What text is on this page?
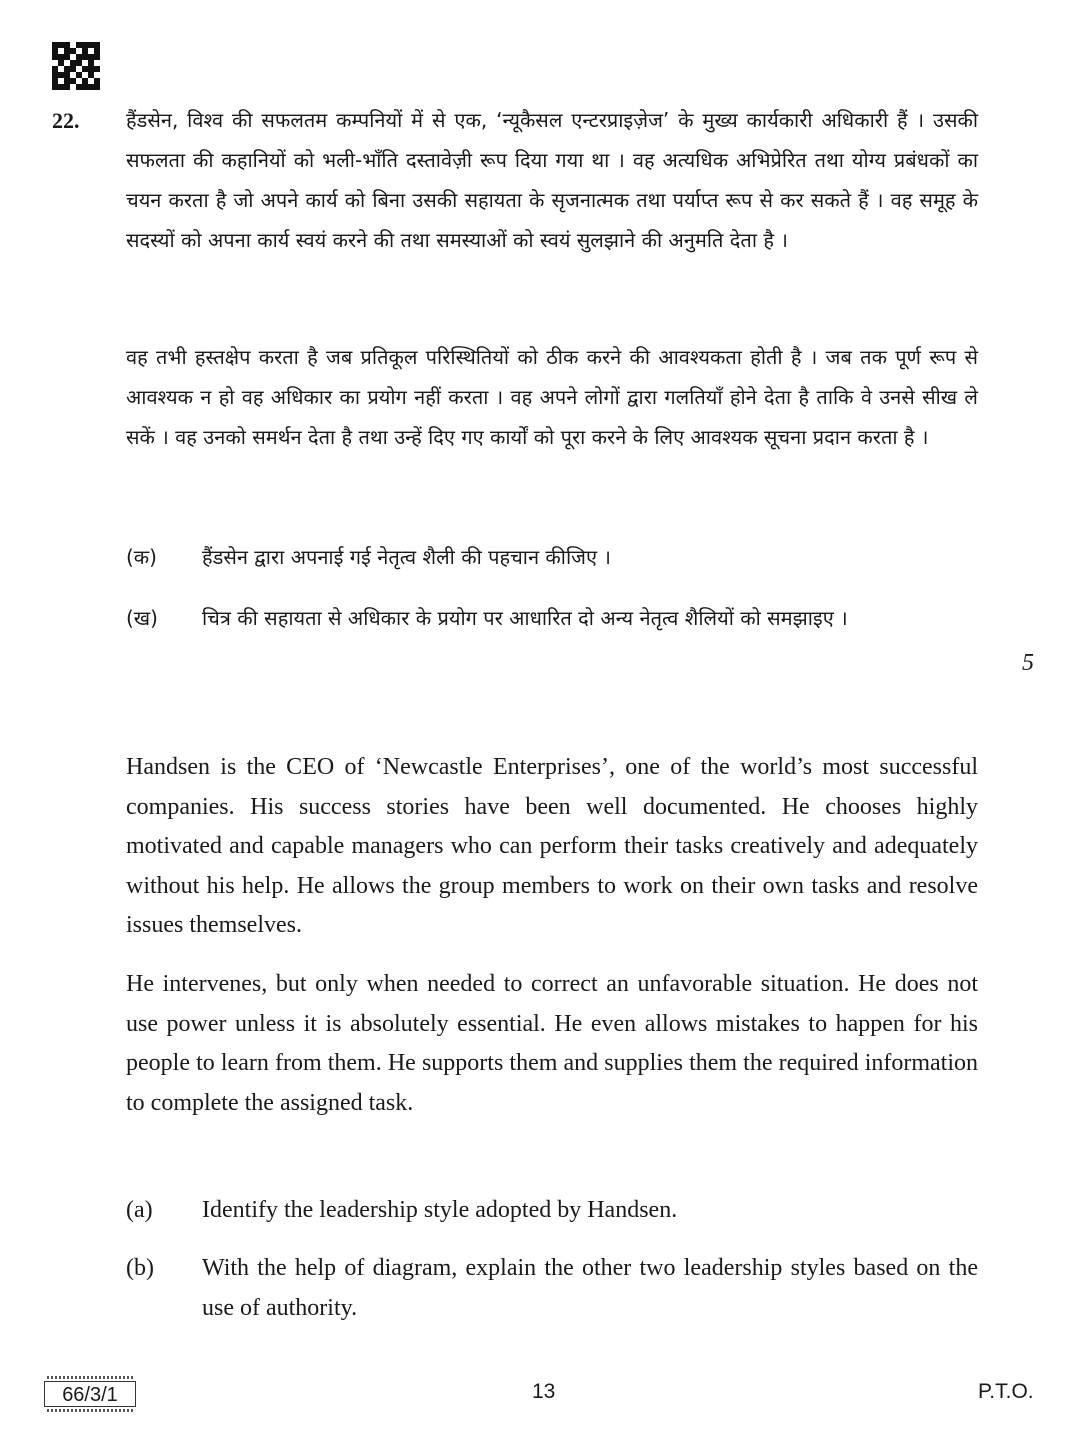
22. हैंडसेन, विश्व की सफलतम कम्पनियों में से एक, ‘न्यूकैसल एन्टरप्राइज़ेज’ के मुख्य कार्यकारी अधिकारी हैं । उसकी सफलता की कहानियों को भली-भाँति दस्तावेज़ी रूप दिया गया था । वह अत्यधिक अभिप्रेरित तथा योग्य प्रबंधकों का चयन करता है जो अपने कार्य को बिना उसकी सहायता के सृजनात्मक तथा पर्याप्त रूप से कर सकते हैं । वह समूह के सदस्यों को अपना कार्य स्वयं करने की तथा समस्याओं को स्वयं सुलझाने की अनुमति देता है ।

वह तभी हस्तक्षेप करता है जब प्रतिकूल परिस्थितियों को ठीक करने की आवश्यकता होती है । जब तक पूर्ण रूप से आवश्यक न हो वह अधिकार का प्रयोग नहीं करता । वह अपने लोगों द्वारा गलतियाँ होने देता है ताकि वे उनसे सीख ले सकें । वह उनको समर्थन देता है तथा उन्हें दिए गए कार्यों को पूरा करने के लिए आवश्यक सूचना प्रदान करता है ।

(क)	हैंडसेन द्वारा अपनाई गई नेतृत्व शैली की पहचान कीजिए ।
(ख)	चित्र की सहायता से अधिकार के प्रयोग पर आधारित दो अन्य नेतृत्व शैलियों को समझाइए ।
5

Handsen is the CEO of ‘Newcastle Enterprises’, one of the world’s most successful companies. His success stories have been well documented. He chooses highly motivated and capable managers who can perform their tasks creatively and adequately without his help. He allows the group members to work on their own tasks and resolve issues themselves.

He intervenes, but only when needed to correct an unfavorable situation. He does not use power unless it is absolutely essential. He even allows mistakes to happen for his people to learn from them. He supports them and supplies them the required information to complete the assigned task.

(a)	Identify the leadership style adopted by Handsen.
(b)	With the help of diagram, explain the other two leadership styles based on the use of authority.
66/3/1	13	P.T.O.
